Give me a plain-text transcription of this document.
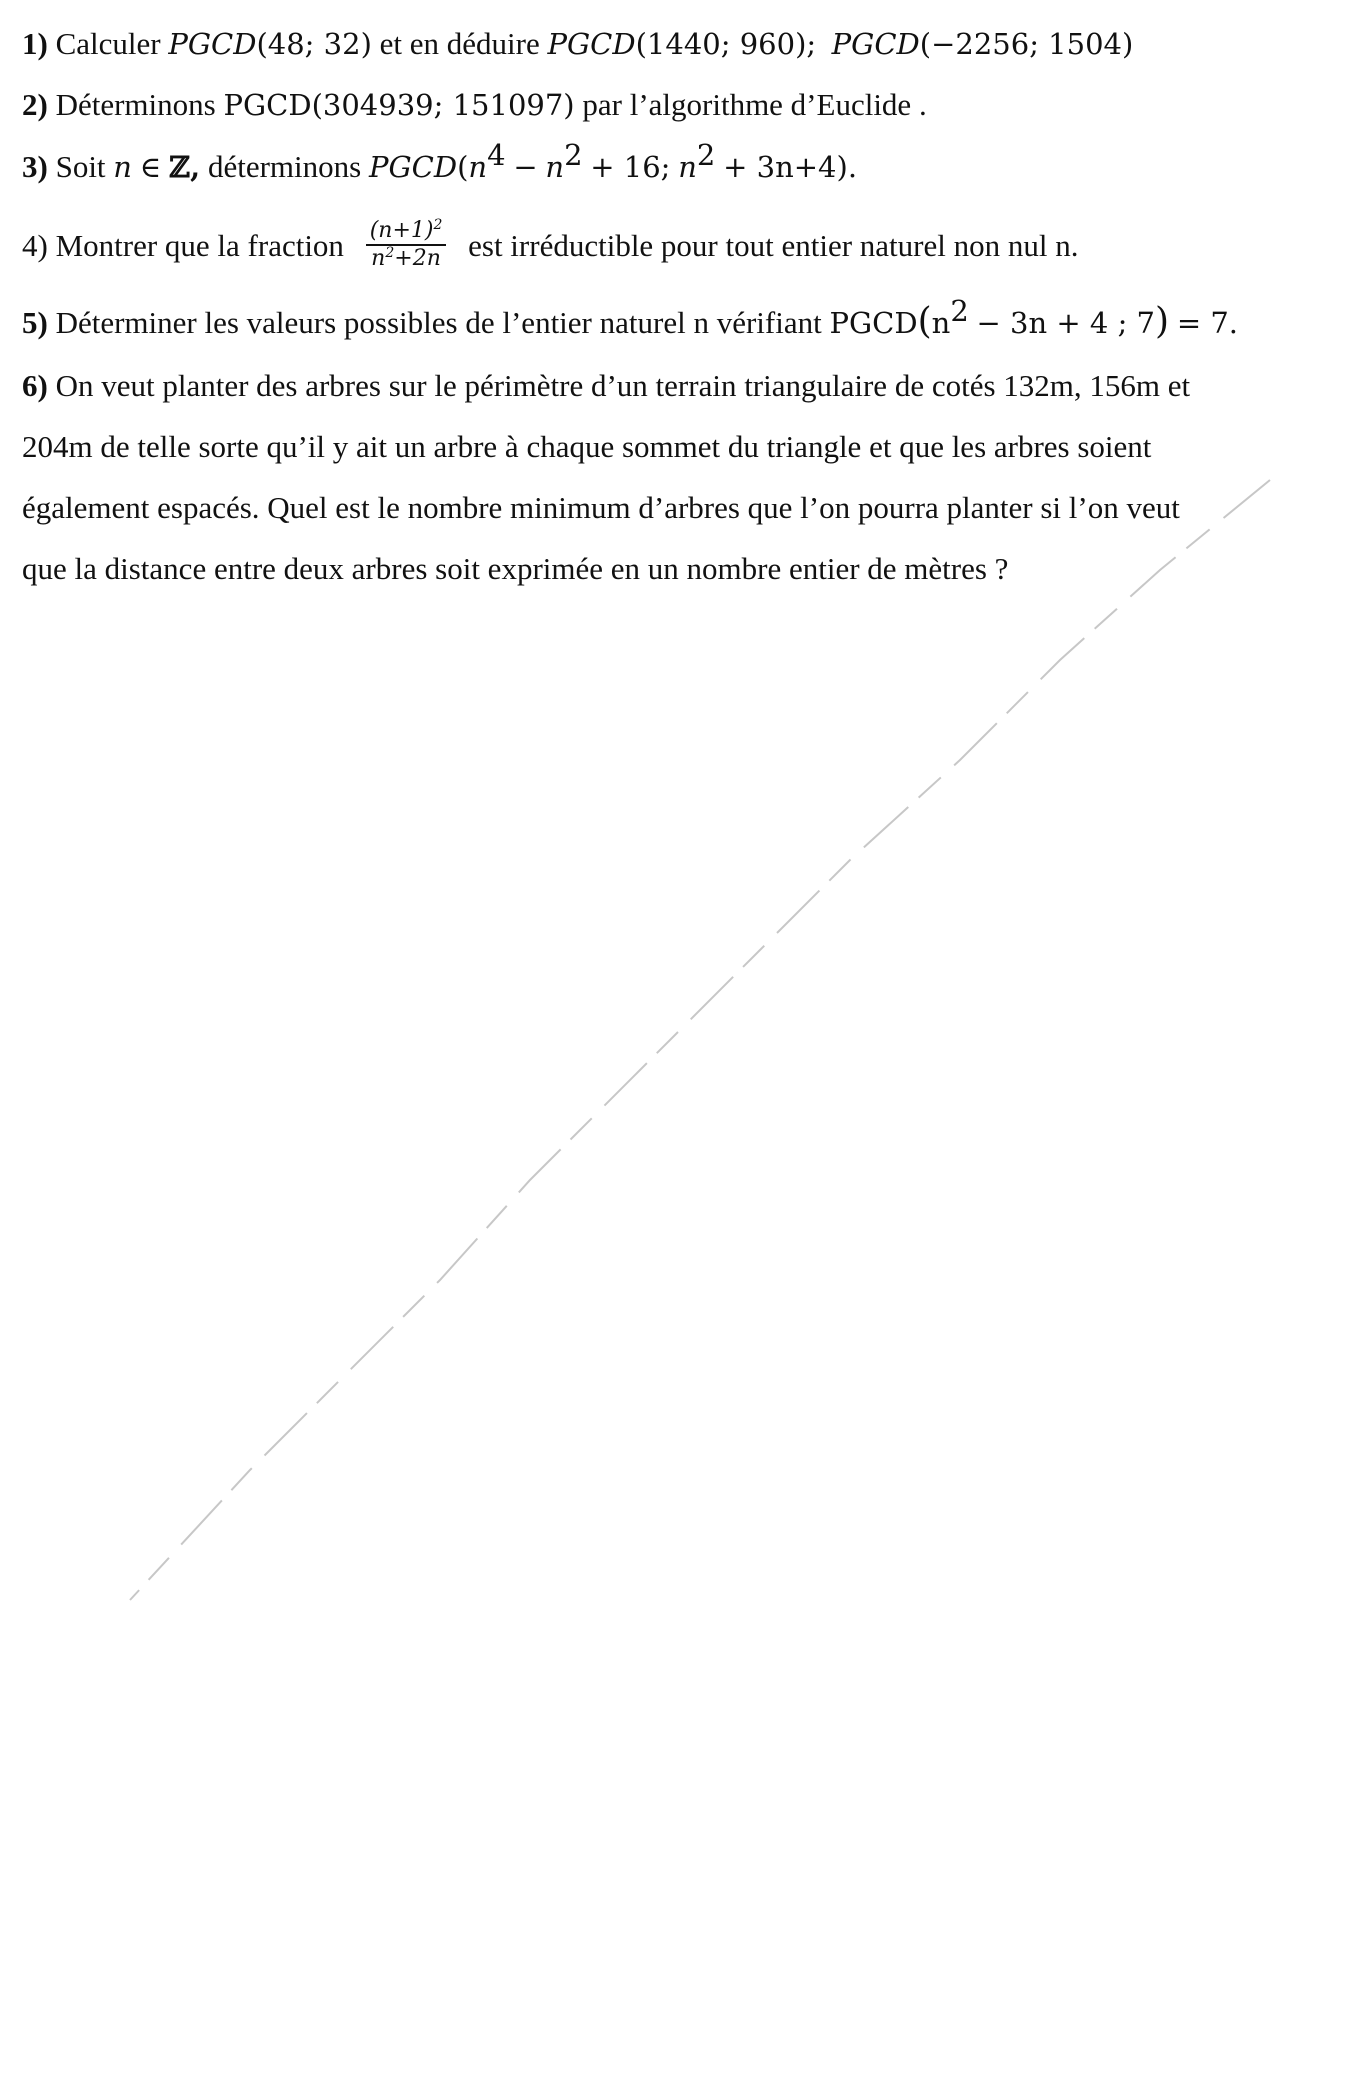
1) Calculer PGCD(48; 32) et en déduire PGCD(1440; 960); PGCD(−2256; 1504)
2) Déterminons PGCD(304939; 151097) par l’algorithme d’Euclide .
3) Soit n ∈ ℤ, déterminons $PGCD(n^4 - n^2 + 16$; $n^2 + 3n+4$).
4) Montrer que la fraction $\frac{(n+1)^2}{n^2+2n}$ est irréductible pour tout entier naturel non nul n.
5) Déterminer les valeurs possibles de l’entier naturel n vérifiant $PGCD(n^2 - 3n + 4$ ; 7) = 7.
6) On veut planter des arbres sur le périmètre d’un terrain triangulaire de cotés 132m, 156m et
204m de telle sorte qu’il y ait un arbre à chaque sommet du triangle et que les arbres soient
également espacés. Quel est le nombre minimum d’arbres que l’on pourra planter si l’on veut
que la distance entre deux arbres soit exprimée en un nombre entier de mètres ?
